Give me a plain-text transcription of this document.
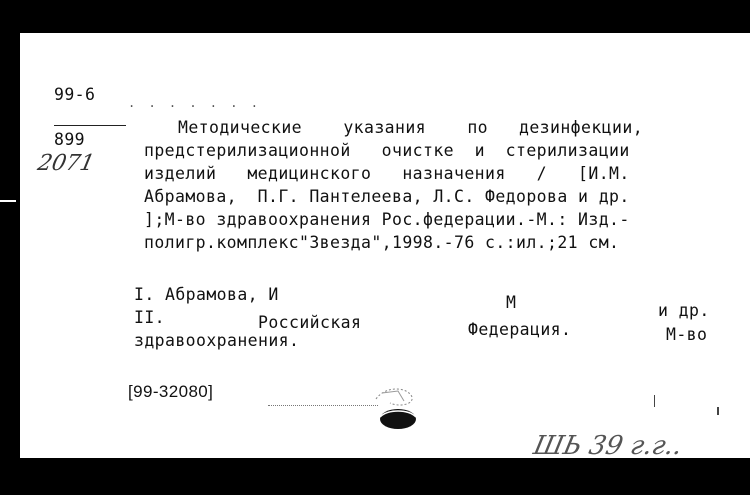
99-6	. . . . . . .
899
2071
Методические    указания    по   дезинфекции,
предстерилизационной   очистке  и  стерилизации
изделий   медицинского   назначения   /   [И.М.
Абрамова,  П.Г. Пантелеева, Л.С. Федорова и др.
];М-во здравоохранения Рос.федерации.-М.: Изд.-
полигр.комплекс"Звезда",1998.-76 с.:ил.;21 см.
I. Абрамова, И	М	и др.
II.	Российская	Федерация.	М-во
здравоохранения.
[99-32080]
ШЬ 39 г.г..
